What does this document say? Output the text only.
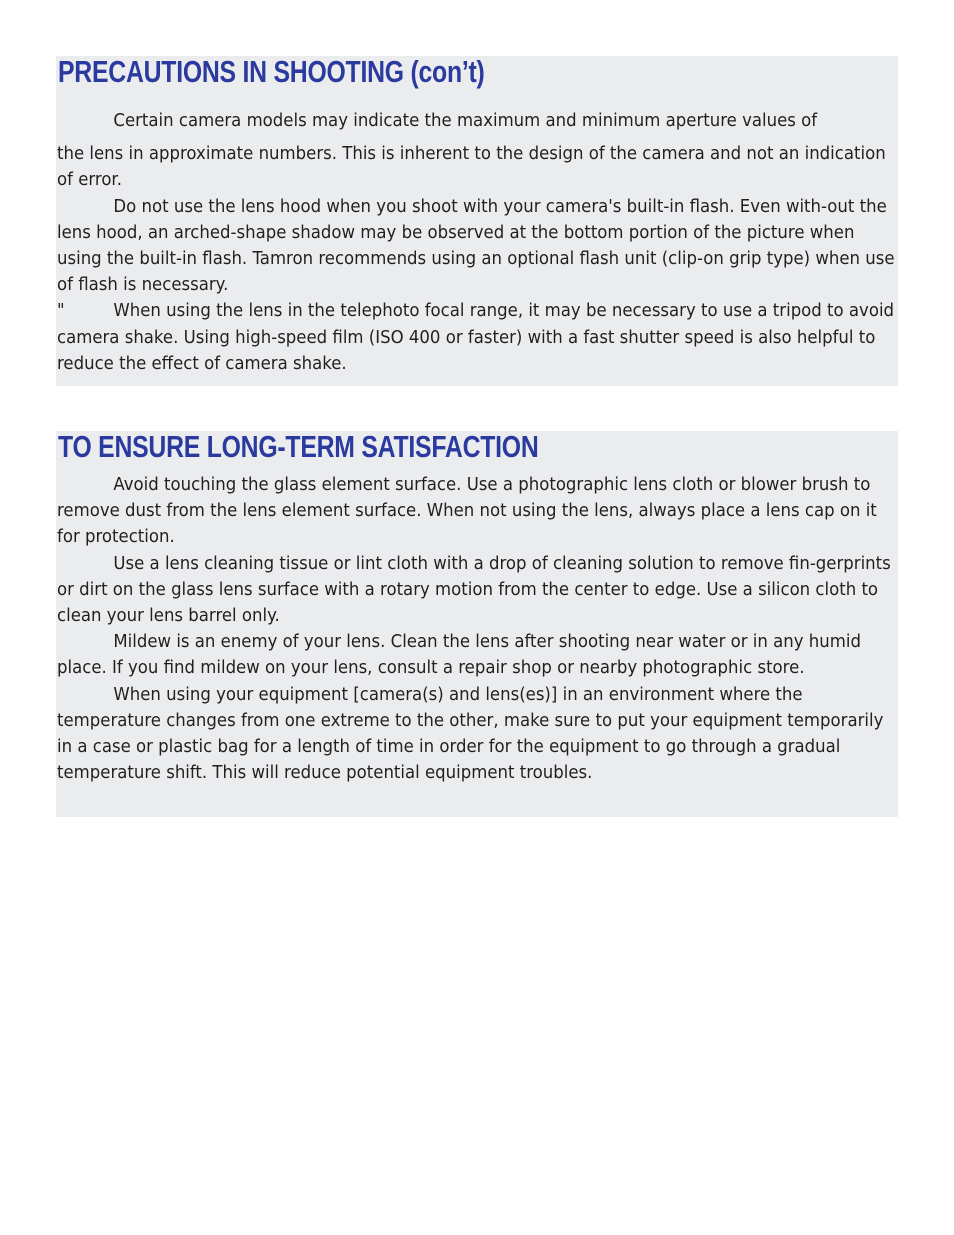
PRECAUTIONS IN SHOOTING (con’t)

Certain camera models may indicate the maximum and minimum aperture values of

the lens in approximate numbers. This is inherent to the design of the camera and not an indication of error.

Do not use the lens hood when you shoot with your camera's built-in flash. Even with-out the lens hood, an arched-shape shadow may be observed at the bottom portion of the picture when using the built-in flash. Tamron recommends using an optional flash unit (clip-on grip type) when use of flash is necessary.

"	When using the lens in the telephoto focal range, it may be necessary to use a tripod to avoid camera shake. Using high-speed film (ISO 400 or faster) with a fast shutter speed is also helpful to reduce the effect of camera shake.

TO ENSURE LONG-TERM SATISFACTION

Avoid touching the glass element surface. Use a photographic lens cloth or blower brush to remove dust from the lens element surface. When not using the lens, always place a lens cap on it for protection.

Use a lens cleaning tissue or lint cloth with a drop of cleaning solution to remove fin-gerprints or dirt on the glass lens surface with a rotary motion from the center to edge. Use a silicon cloth to clean your lens barrel only.

Mildew is an enemy of your lens. Clean the lens after shooting near water or in any humid place. If you find mildew on your lens, consult a repair shop or nearby photographic store.

When using your equipment [camera(s) and lens(es)] in an environment where the temperature changes from one extreme to the other, make sure to put your equipment temporarily in a case or plastic bag for a length of time in order for the equipment to go through a gradual temperature shift. This will reduce potential equipment troubles.
